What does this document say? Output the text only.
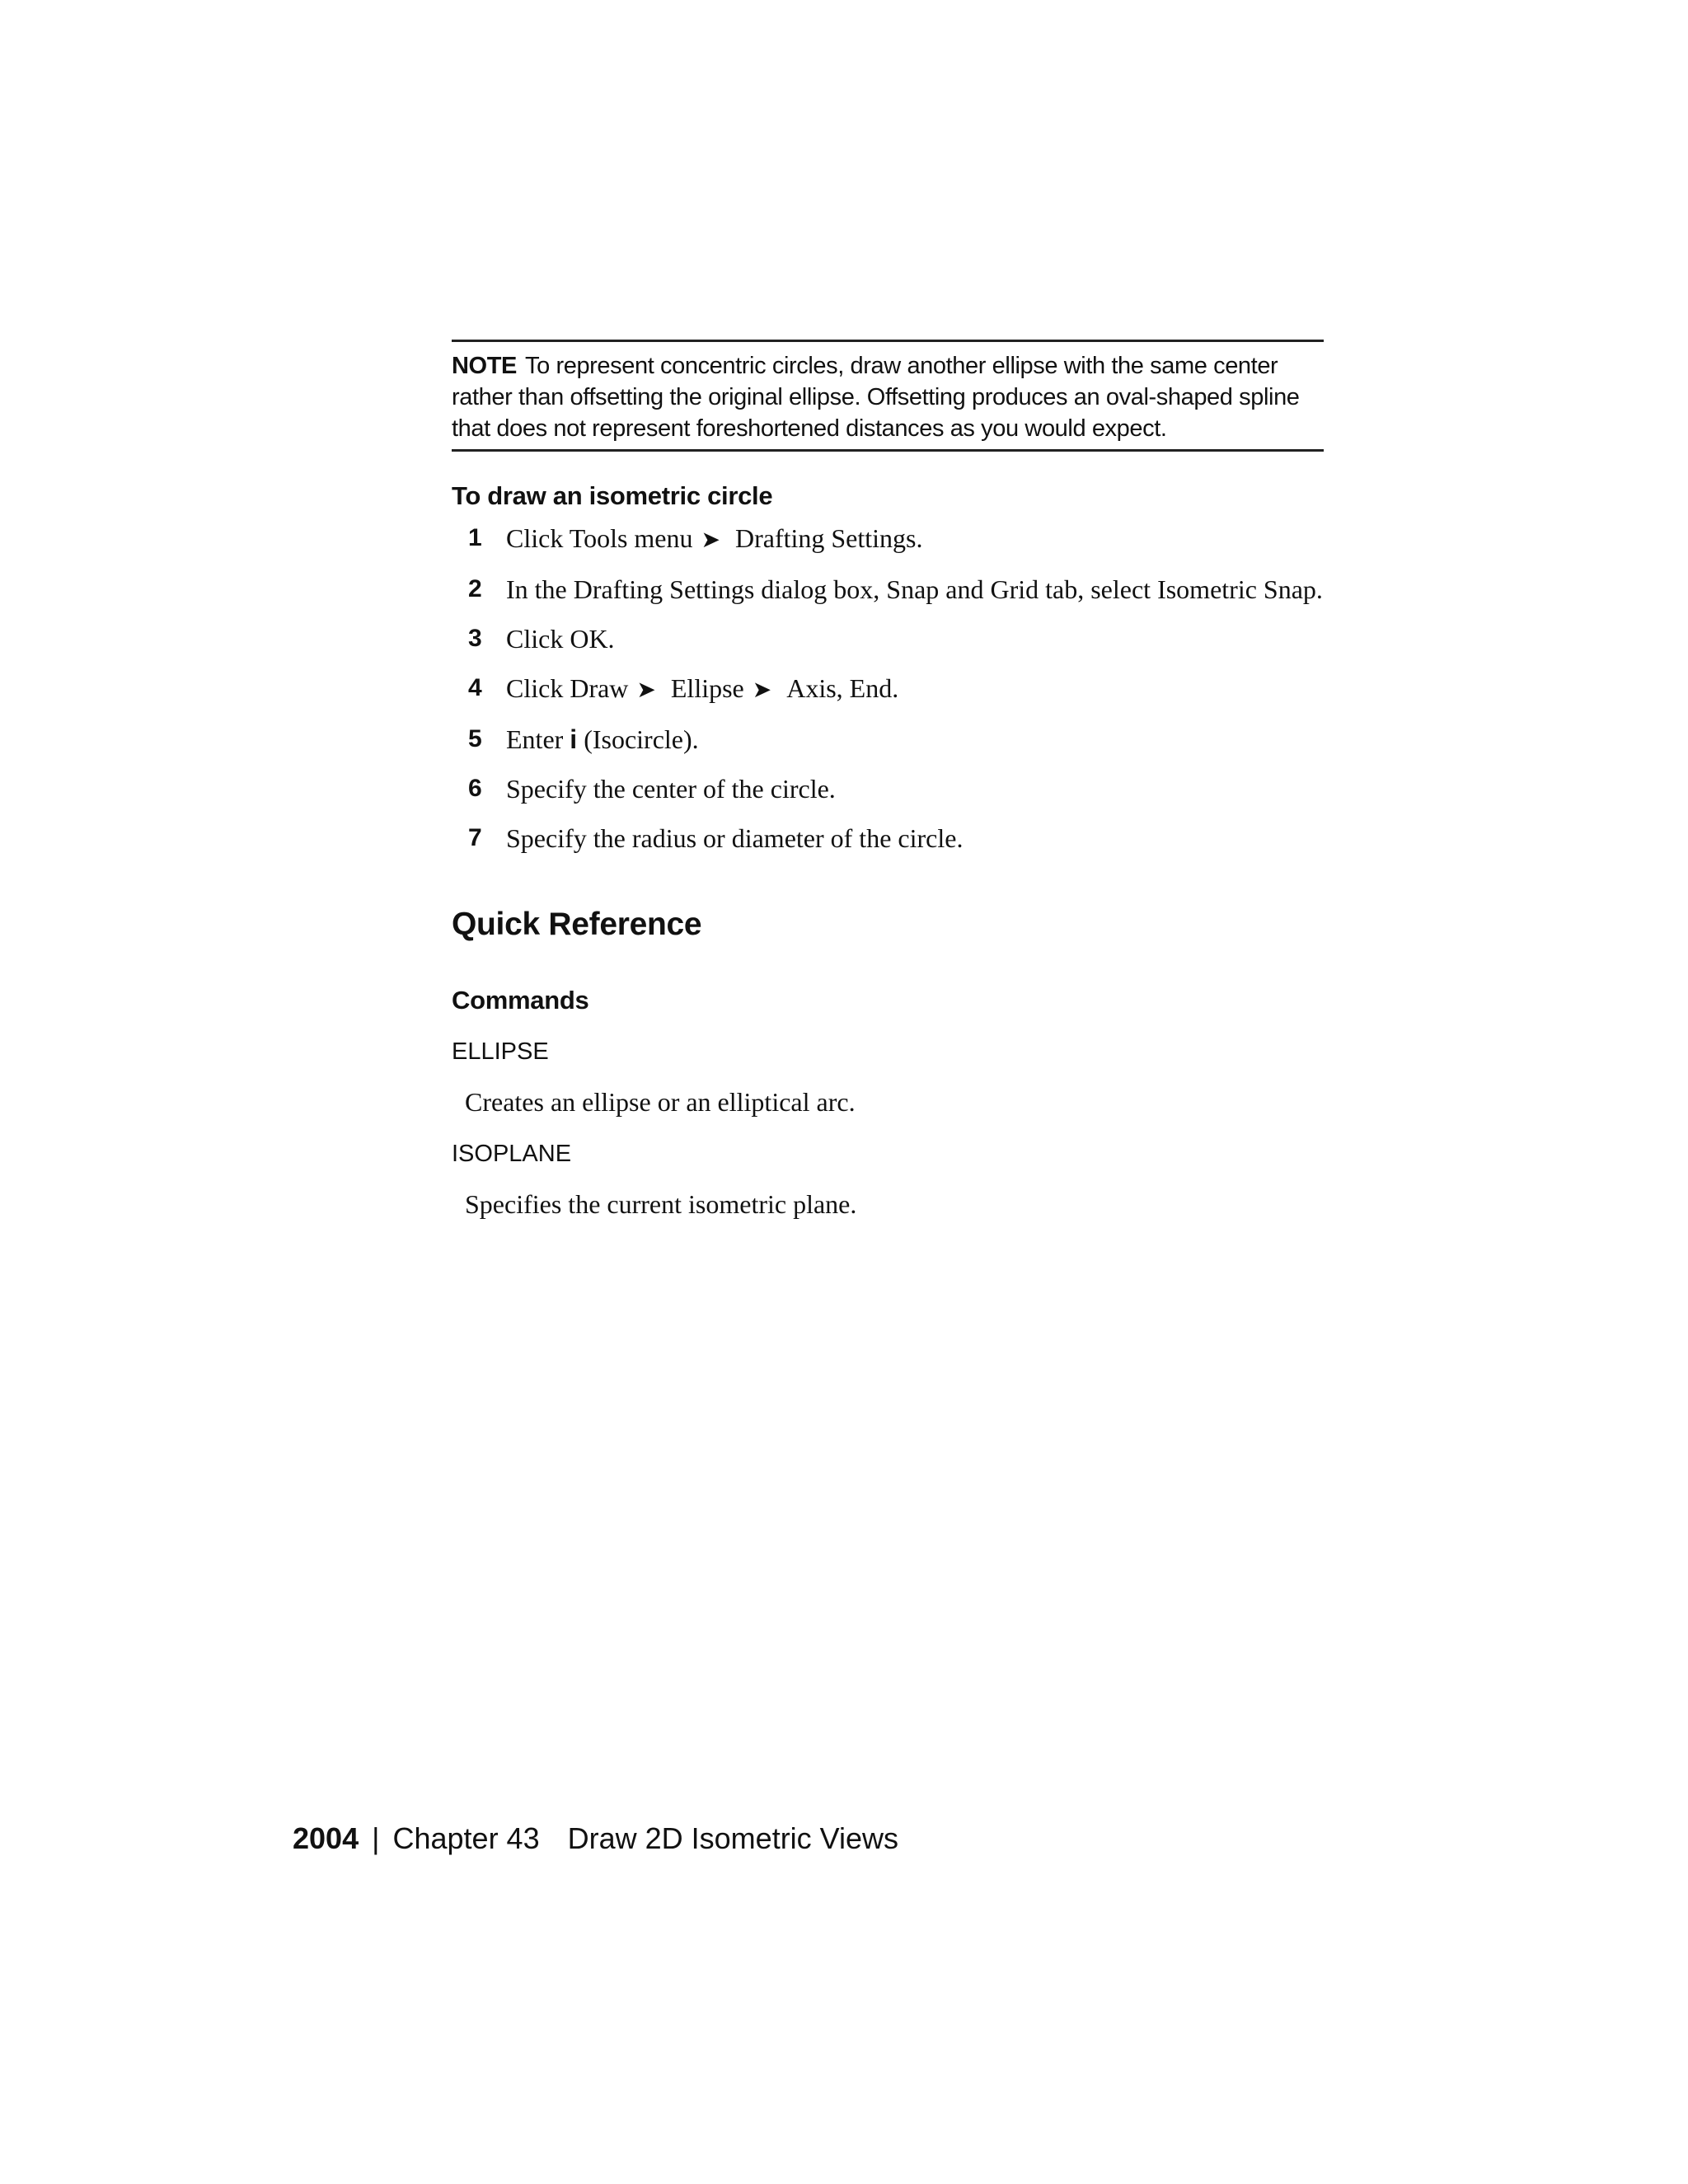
NOTE To represent concentric circles, draw another ellipse with the same center rather than offsetting the original ellipse. Offsetting produces an oval-shaped spline that does not represent foreshortened distances as you would expect.
To draw an isometric circle
1 Click Tools menu ➤ Drafting Settings.
2 In the Drafting Settings dialog box, Snap and Grid tab, select Isometric Snap.
3 Click OK.
4 Click Draw ➤ Ellipse ➤ Axis, End.
5 Enter i (Isocircle).
6 Specify the center of the circle.
7 Specify the radius or diameter of the circle.
Quick Reference
Commands
ELLIPSE
Creates an ellipse or an elliptical arc.
ISOPLANE
Specifies the current isometric plane.
2004 | Chapter 43 Draw 2D Isometric Views
